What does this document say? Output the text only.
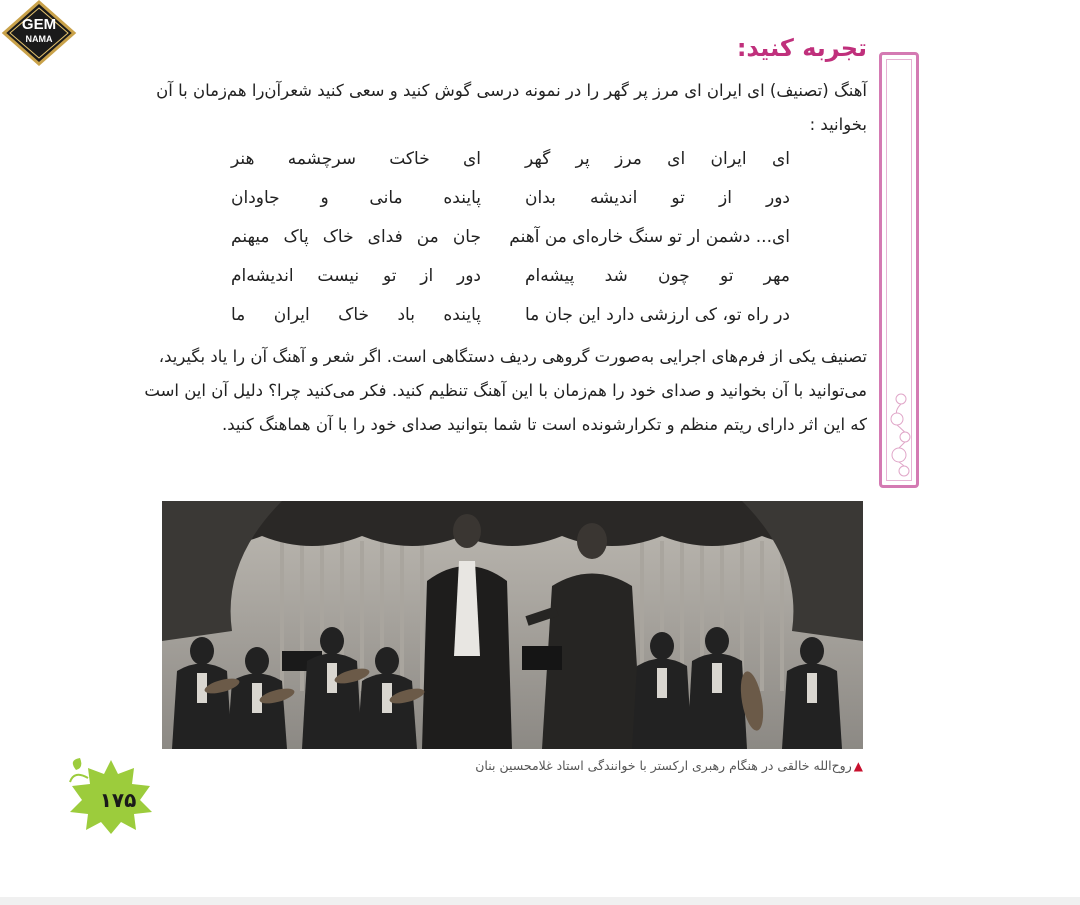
GEM
NAMA	تجربه کنید:
آهنگ (تصنیف) ای ایران ای مرز پر گهر را در نمونه درسی گوش کنید و سعی کنید شعرآن‌را هم‌زمان با آن بخوانید :
ای ایران ای مرز پر گهر
دور از تو اندیشه بدان
ای... دشمن ار تو سنگ خاره‌ای من آهنم
مهر تو چون شد پیشه‌ام
در راه تو، کی ارزشی دارد این جان ما
ای خاکت سرچشمه هنر
پاینده مانی و جاودان
جان من فدای خاک پاک میهنم
دور از تو نیست اندیشه‌ام
پاینده باد خاک ایران ما
تصنیف یکی از فرم‌های اجرایی به‌صورت گروهی ردیف دستگاهی است. اگر شعر و آهنگ آن را یاد بگیرید، می‌توانید با آن بخوانید و صدای خود را هم‌زمان با این آهنگ تنظیم کنید. فکر می‌کنید چرا؟ دلیل آن این است که این اثر دارای ریتم منظم و تکرارشونده است تا شما بتوانید صدای خود را با آن هماهنگ کنید.
▲روح‌الله خالقی در هنگام رهبری ارکستر با خوانندگی استاد غلامحسین بنان
۱۷۵
